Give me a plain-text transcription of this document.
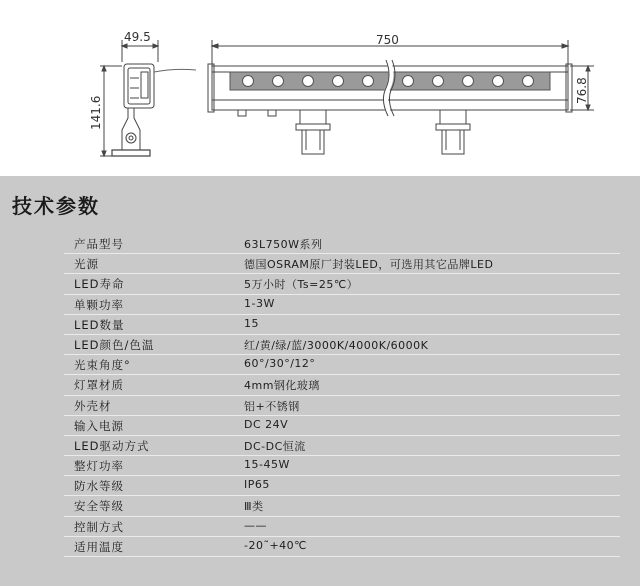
49.5
141.6
750
76.8
技术参数
产品型号	63L750W系列
光源	德国OSRAM原厂封装LED，可选用其它品牌LED
LED寿命	5万小时（Ts=25℃）
单颗功率	1-3W
LED数量	15
LED颜色/色温	红/黄/绿/蓝/3000K/4000K/6000K
光束角度°	60°/30°/12°
灯罩材质	4mm钢化玻璃
外壳材	铝+不锈钢
输入电源	DC 24V
LED驱动方式	DC-DC恒流
整灯功率	15-45W
防水等级	IP65
安全等级	Ⅲ类
控制方式	——
适用温度	-20˜+40℃
